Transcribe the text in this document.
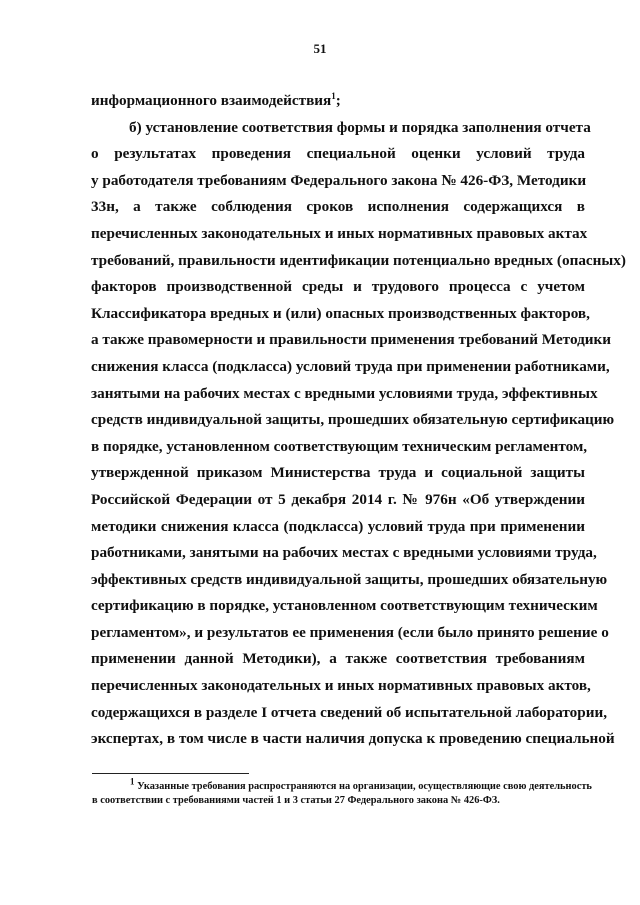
51
информационного взаимодействия$^1$;
б) установление соответствия формы и порядка заполнения отчета
о результатах проведения специальной оценки условий труда
у работодателя требованиям Федерального закона № 426-ФЗ, Методики
33н, а также соблюдения сроков исполнения содержащихся в
перечисленных законодательных и иных нормативных правовых актах
требований, правильности идентификации потенциально вредных (опасных)
факторов производственной среды и трудового процесса с учетом
Классификатора вредных и (или) опасных производственных факторов,
а также правомерности и правильности применения требований Методики
снижения класса (подкласса) условий труда при применении работниками,
занятыми на рабочих местах с вредными условиями труда, эффективных
средств индивидуальной защиты, прошедших обязательную сертификацию
в порядке, установленном соответствующим техническим регламентом,
утвержденной приказом Министерства труда и социальной защиты
Российской Федерации от 5 декабря 2014 г. № 976н «Об утверждении
методики снижения класса (подкласса) условий труда при применении
работниками, занятыми на рабочих местах с вредными условиями труда,
эффективных средств индивидуальной защиты, прошедших обязательную
сертификацию в порядке, установленном соответствующим техническим
регламентом», и результатов ее применения (если было принято решение о
применении данной Методики), а также соответствия требованиям
перечисленных законодательных и иных нормативных правовых актов,
содержащихся в разделе I отчета сведений об испытательной лаборатории,
экспертах, в том числе в части наличия допуска к проведению специальной
$^1$ Указанные требования распространяются на организации, осуществляющие свою деятельность
в соответствии с требованиями частей 1 и 3 статьи 27 Федерального закона № 426-ФЗ.
